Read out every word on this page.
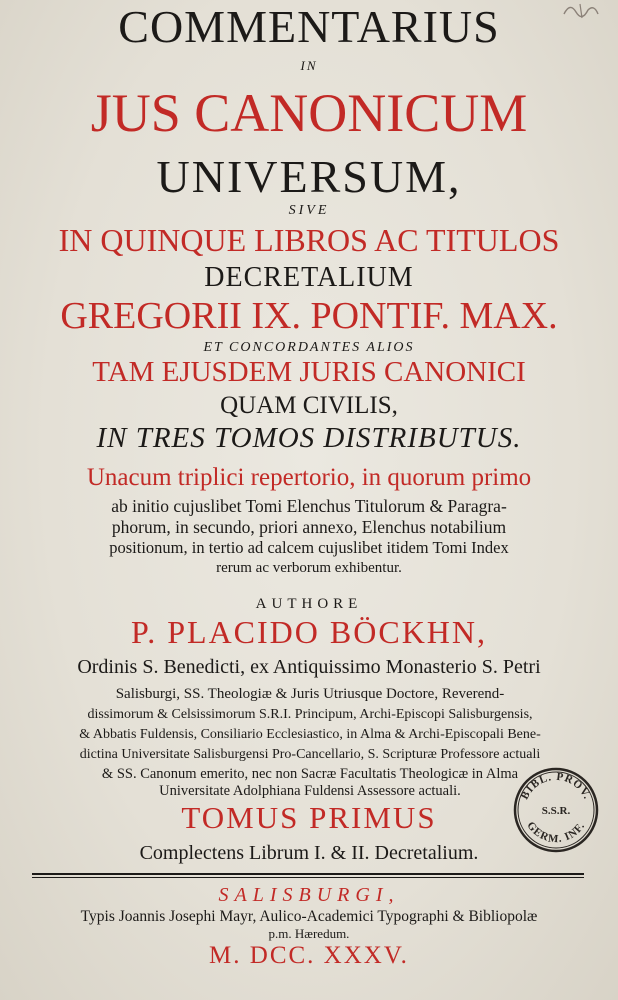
COMMENTARIUS
IN
JUS CANONICUM
UNIVERSUM,
SIVE
IN QUINQUE LIBROS AC TITULOS
DECRETALIUM
GREGORII IX. PONTIF. MAX.
ET CONCORDANTES ALIOS
TAM EJUSDEM JURIS CANONICI
QUAM CIVILIS,
IN TRES TOMOS DISTRIBUTUS.
Unacum triplici repertorio, in quorum primo
ab initio cujuslibet Tomi Elenchus Titulorum & Paragra-
phorum, in secundo, priori annexo, Elenchus notabilium
positionum, in tertio ad calcem cujuslibet itidem Tomi Index
rerum ac verborum exhibentur.
AUTHORE
P. PLACIDO BÖCKHN,
Ordinis S. Benedicti, ex Antiquissimo Monasterio S. Petri
Salisburgi, SS. Theologiæ & Juris Utriusque Doctore, Reverend-
dissimorum & Celsissimorum S.R.I. Principum, Archi-Episcopi Salisburgensis,
& Abbatis Fuldensis, Consiliario Ecclesiastico, in Alma & Archi-Episcopali Bene-
dictina Universitate Salisburgensi Pro-Cancellario, S. Scripturæ Professore actuali
& SS. Canonum emerito, nec non Sacræ Facultatis Theologicæ in Alma
Universitate Adolphiana Fuldensi Assessore actuali.
TOMUS PRIMUS
Complectens Librum I. & II. Decretalium.
SALISBURGI,
Typis Joannis Josephi Mayr, Aulico-Academici Typographi & Bibliopolæ
p.m. Hæredum.
M. DCC. XXXV.
BIBL. PROV.
S.S.R.
GERM. INF.
